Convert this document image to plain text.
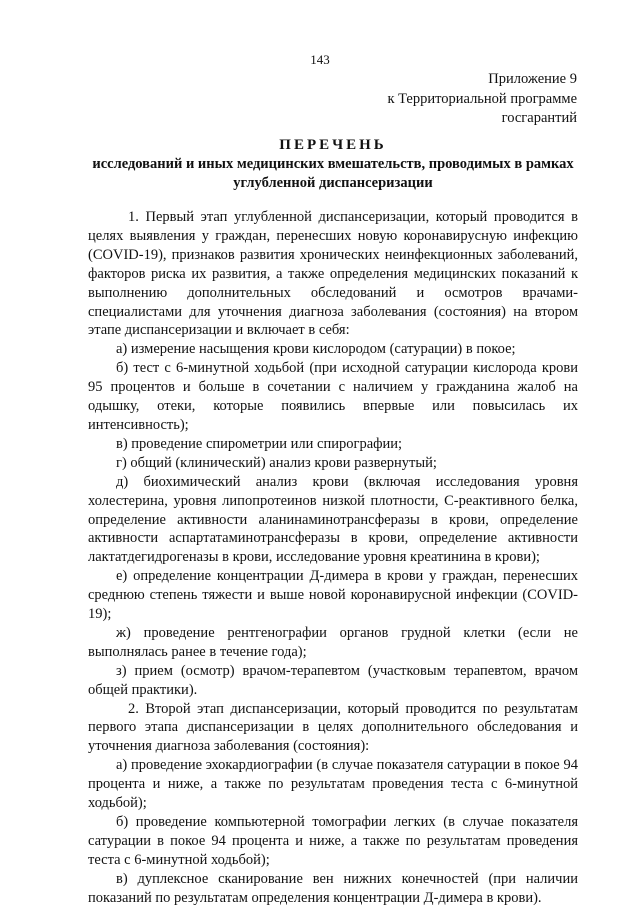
143
Приложение 9
к Территориальной программе
госгарантий
ПЕРЕЧЕНЬ
исследований и иных медицинских вмешательств, проводимых в рамках углубленной диспансеризации

1. Первый этап углубленной диспансеризации, который проводится в целях выявления у граждан, перенесших новую коронавирусную инфекцию (COVID-19), признаков развития хронических неинфекционных заболеваний, факторов риска их развития, а также определения медицинских показаний к выполнению дополнительных обследований и осмотров врачами-специалистами для уточнения диагноза заболевания (состояния) на втором этапе диспансеризации и включает в себя:

а) измерение насыщения крови кислородом (сатурации) в покое;

б) тест с 6-минутной ходьбой (при исходной сатурации кислорода крови 95 процентов и больше в сочетании с наличием у гражданина жалоб на одышку, отеки, которые появились впервые или повысилась их интенсивность);

в) проведение спирометрии или спирографии;

г) общий (клинический) анализ крови развернутый;

д) биохимический анализ крови (включая исследования уровня холестерина, уровня липопротеинов низкой плотности, С-реактивного белка, определение активности аланинаминотрансферазы в крови, определение активности аспартатаминотрансферазы в крови, определение активности лактатдегидрогеназы в крови, исследование уровня креатинина в крови);

е) определение концентрации Д-димера в крови у граждан, перенесших среднюю степень тяжести и выше новой коронавирусной инфекции (COVID-19);

ж) проведение рентгенографии органов грудной клетки (если не выполнялась ранее в течение года);

з) прием (осмотр) врачом-терапевтом (участковым терапевтом, врачом общей практики).

2. Второй этап диспансеризации, который проводится по результатам первого этапа диспансеризации в целях дополнительного обследования и уточнения диагноза заболевания (состояния):

а) проведение эхокардиографии (в случае показателя сатурации в покое 94 процента и ниже, а также по результатам проведения теста с 6-минутной ходьбой);

б) проведение компьютерной томографии легких (в случае показателя сатурации в покое 94 процента и ниже, а также по результатам проведения теста с 6-минутной ходьбой);

в) дуплексное сканирование вен нижних конечностей (при наличии показаний по результатам определения концентрации Д-димера в крови).
